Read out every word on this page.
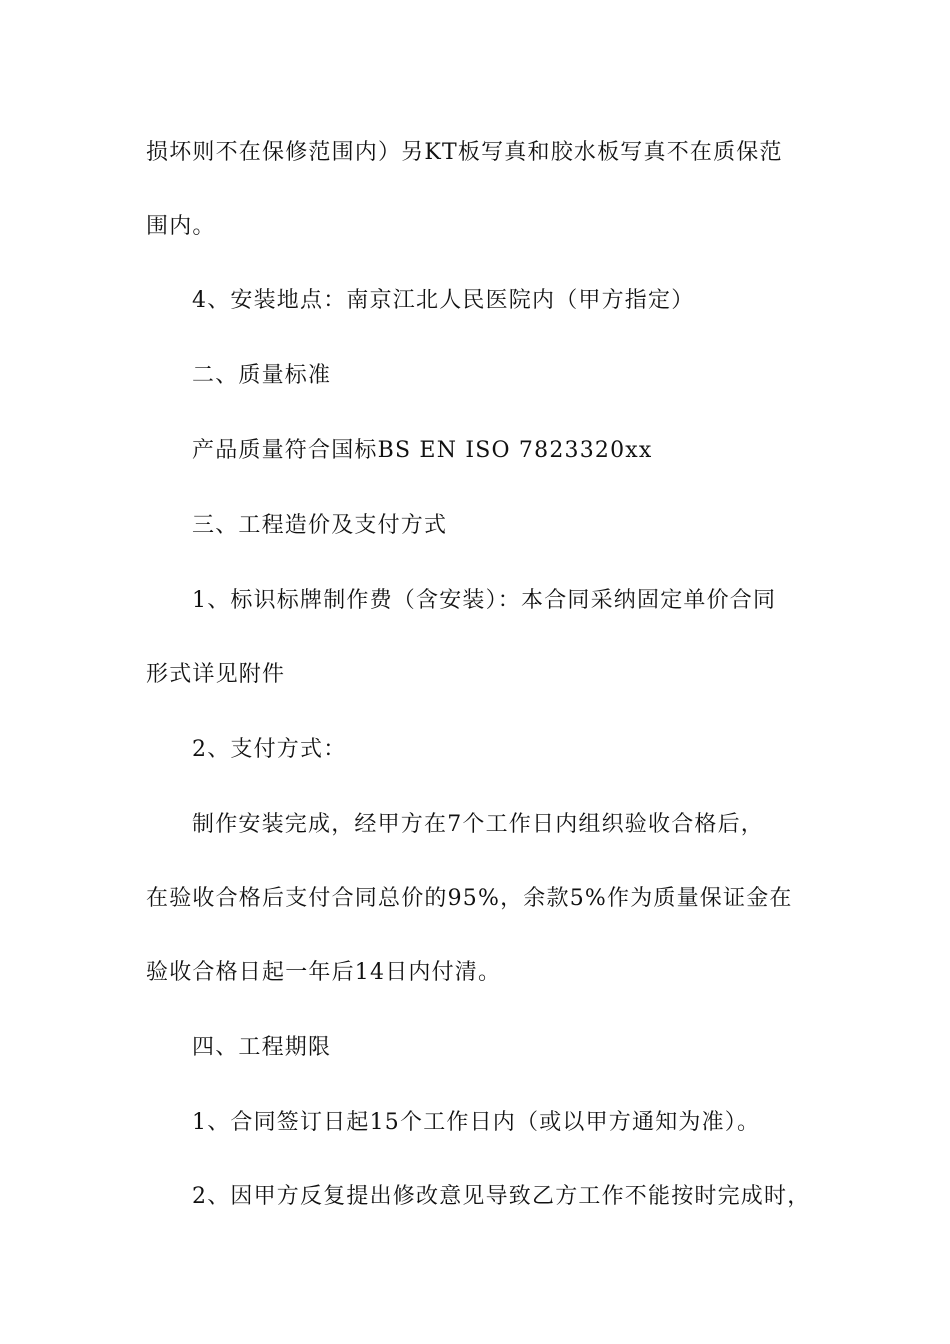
损坏则不在保修范围内）另KT板写真和胶水板写真不在质保范
围内。
4、安装地点：南京江北人民医院内（甲方指定）
二、质量标准
产品质量符合国标BS EN ISO 7823320xx
三、工程造价及支付方式
1、标识标牌制作费（含安装）：本合同采纳固定单价合同
形式详见附件
2、支付方式：
制作安装完成，经甲方在7个工作日内组织验收合格后，
在验收合格后支付合同总价的95%，余款5%作为质量保证金在
验收合格日起一年后14日内付清。
四、工程期限
1、合同签订日起15个工作日内（或以甲方通知为准）。
2、因甲方反复提出修改意见导致乙方工作不能按时完成时，
